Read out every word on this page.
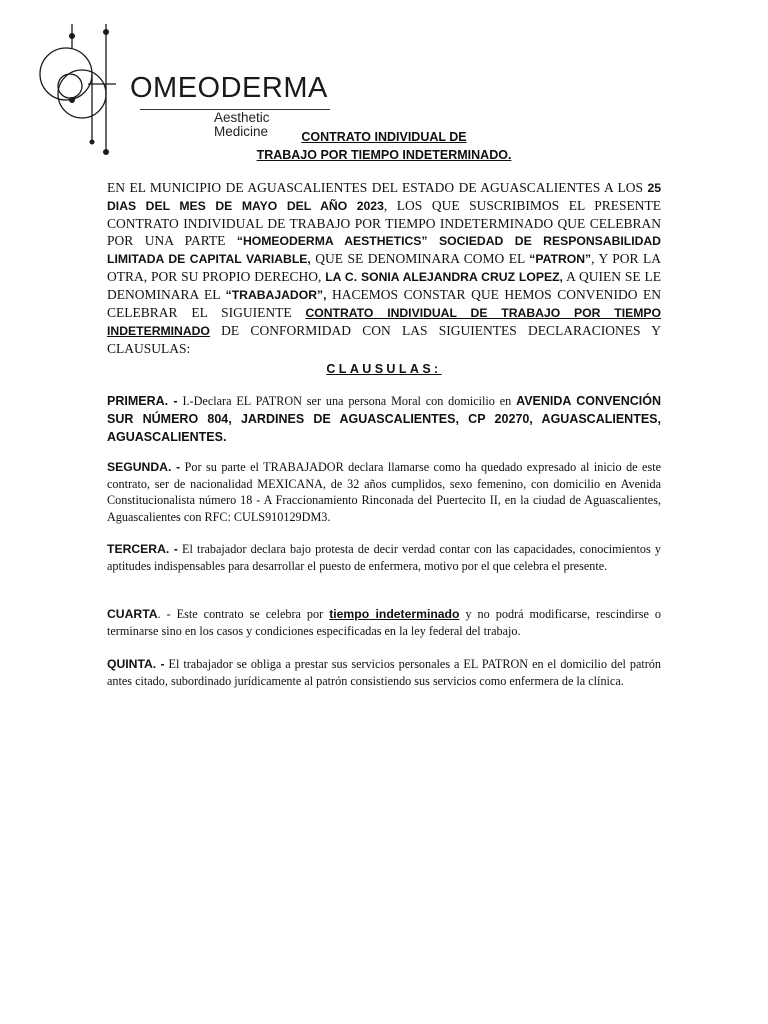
OMEODERMA
Aesthetic Medicine	CONTRATO INDIVIDUAL DE
TRABAJO POR TIEMPO INDETERMINADO.

EN EL MUNICIPIO DE AGUASCALIENTES DEL ESTADO DE AGUASCALIENTES A LOS 25 DIAS DEL MES DE MAYO DEL AÑO 2023, LOS QUE SUSCRIBIMOS EL PRESENTE CONTRATO INDIVIDUAL DE TRABAJO POR TIEMPO INDETERMINADO QUE CELEBRAN POR UNA PARTE “HOMEODERMA AESTHETICS” SOCIEDAD DE RESPONSABILIDAD LIMITADA DE CAPITAL VARIABLE, QUE SE DENOMINARA COMO EL “PATRON”, Y POR LA OTRA, POR SU PROPIO DERECHO, LA C. SONIA ALEJANDRA CRUZ LOPEZ, A QUIEN SE LE DENOMINARA EL “TRABAJADOR”, HACEMOS CONSTAR QUE HEMOS CONVENIDO EN CELEBRAR EL SIGUIENTE CONTRATO INDIVIDUAL DE TRABAJO POR TIEMPO INDETERMINADO DE CONFORMIDAD CON LAS SIGUIENTES DECLARACIONES Y CLAUSULAS:

CLAUSULAS:

PRIMERA. - I.-Declara EL PATRON ser una persona Moral con domicilio en AVENIDA CONVENCIÓN SUR NÚMERO 804, JARDINES DE AGUASCALIENTES, CP 20270, AGUASCALIENTES, AGUASCALIENTES.

SEGUNDA. - Por su parte el TRABAJADOR declara llamarse como ha quedado expresado al inicio de este contrato, ser de nacionalidad MEXICANA, de 32 años cumplidos, sexo femenino, con domicilio en Avenida Constitucionalista número 18 - A Fraccionamiento Rinconada del Puertecito II, en la ciudad de Aguascalientes, Aguascalientes con RFC: CULS910129DM3.

TERCERA. - El trabajador declara bajo protesta de decir verdad contar con las capacidades, conocimientos y aptitudes indispensables para desarrollar el puesto de enfermera, motivo por el que celebra el presente.

CUARTA. - Este contrato se celebra por tiempo indeterminado y no podrá modificarse, rescindirse o terminarse sino en los casos y condiciones especificadas en la ley federal del trabajo.

QUINTA. - El trabajador se obliga a prestar sus servicios personales a EL PATRON en el domicilio del patrón antes citado, subordinado jurídicamente al patrón consistiendo sus servicios como enfermera de la clínica.
